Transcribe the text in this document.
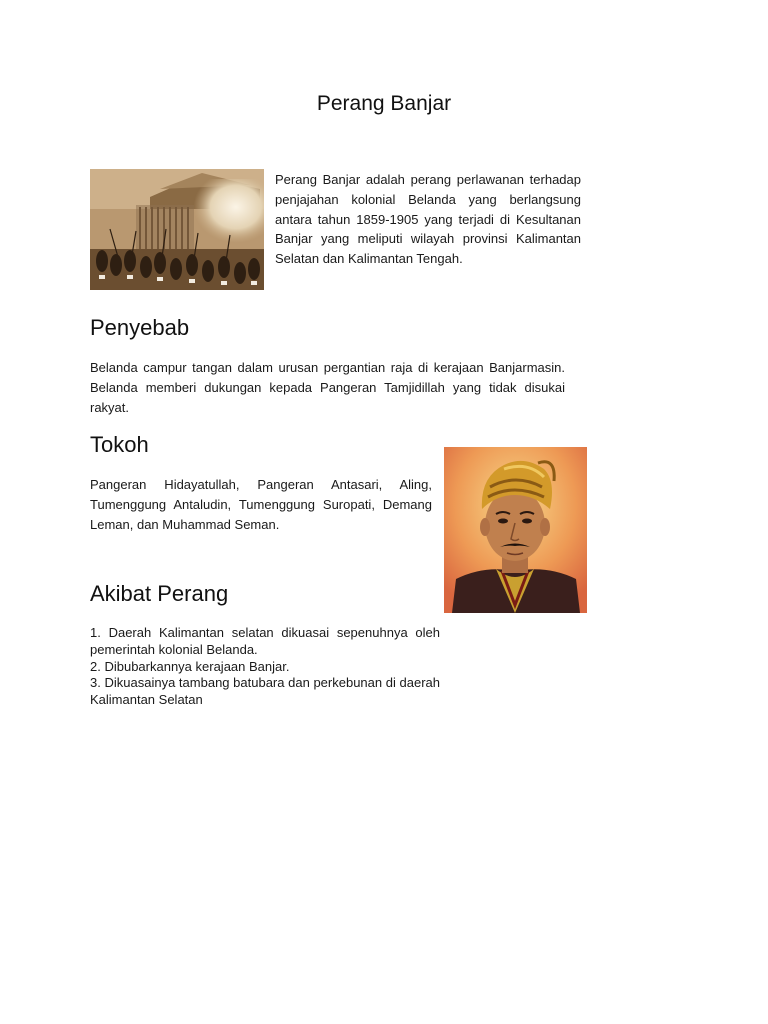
Perang Banjar

Perang Banjar adalah perang perlawanan terhadap penjajahan kolonial Belanda yang berlangsung antara tahun 1859-1905 yang terjadi di Kesultanan Banjar yang meliputi wilayah provinsi Kalimantan Selatan dan Kalimantan Tengah.

Penyebab

Belanda campur tangan dalam urusan pergantian raja di kerajaan Banjarmasin. Belanda memberi dukungan kepada Pangeran Tamjidillah yang tidak disukai rakyat.

Tokoh

Pangeran Hidayatullah, Pangeran Antasari, Aling, Tumenggung Antaludin, Tumenggung Suropati, Demang Leman, dan Muhammad Seman.

Akibat Perang
1. Daerah Kalimantan selatan dikuasai sepenuhnya oleh pemerintah kolonial Belanda.
2. Dibubarkannya kerajaan Banjar.
3. Dikuasainya tambang batubara dan perkebunan di daerah Kalimantan Selatan
